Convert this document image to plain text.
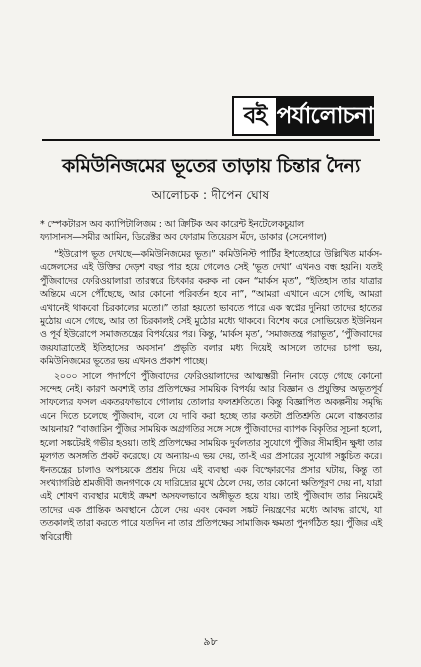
বই পর্যালোচনা
কমিউনিজমের ভূতের তাড়ায় চিন্তার দৈন্য
আলোচক : দীপেন ঘোষ

* স্পেকটারস অব ক্যাপিটালিজম : আ ক্রিটিক অব কারেন্ট ইনটেলেকচুয়াল

ফ্যাসানস—সমীর আমিন, ডিরেক্টর অব ফোরাম তিয়েরস মঁদে, ডাকার (সেনেগাল)

“ইউরোপ ভূত দেখছে—কমিউনিজমের ভূত।” কমিউনিস্ট পার্টির ইশতেহারে উল্লিখিত মার্কস-এঙ্গেলসের এই উক্তির দেড়শ বছর পার হয়ে গেলেও সেই ‘ভূত দেখা’ এখনও বন্ধ হয়নি। যতই পুঁজিবাদের ফেরিওয়ালারা তারস্বরে চিৎকার করুক না কেন “মার্কস মৃত”, “ইতিহাস তার যাত্রার অন্তিমে এসে পৌঁছেছে, আর কোনো পরিবর্তন হবে না”, “আমরা এখানে এসে গেছি, আমরা এখানেই থাকবো চিরকালের মতো।” তারা হয়তো ভাবতে পারে এক স্বপ্নের দুনিয়া তাদের হাতের মুঠোয় এসে গেছে, আর তা চিরকালই সেই মুঠোর মধ্যে থাকবে। বিশেষ করে সোভিয়েত ইউনিয়ন ও পূর্ব ইউরোপে সমাজতন্ত্রের বিপর্যয়ের পর। কিন্তু, ‘মার্কস মৃত’, ‘সমাজতন্ত্র পরাভূত’, ‘পুঁজিবাদের জয়যাত্রাতেই ইতিহাসের অবসান’ প্রভৃতি বলার মধ্য দিয়েই আসলে তাদের চাপা ভয়, কমিউনিজমের ভূতের ভয় এখনও প্রকাশ পাচ্ছে।

২০০০ সালে পদার্পণে পুঁজিবাদের ফেরিওয়ালাদের আত্মম্ভরী নিনাদ বেড়ে গেছে কোনো সন্দেহ নেই। কারণ অবশ্যই তার প্রতিপক্ষের সাময়িক বিপর্যয় আর বিজ্ঞান ও প্রযুক্তির অভূতপূর্ব সাফল্যের ফসল একতরফাভাবে গোলায় তোলার ফলশ্রুতিতে। কিন্তু বিজ্ঞাপিত অকল্পনীয় সমৃদ্ধি এনে দিতে চলেছে পুঁজিবাদ, বলে যে দাবি করা হচ্ছে তার কতটা প্রতিশ্রুতি মেলে বাস্তবতার আয়নায়? “বাজারিন পুঁজির সাময়িক অগ্রগতির সঙ্গে সঙ্গে পুঁজিবাদের ব্যাপক বিকৃতির সূচনা হলো, হলো সঙ্কটেরই গভীর হওয়া। তাই প্রতিপক্ষের সাময়িক দুর্বলতার সুযোগে পুঁজির সীমাহীন ক্ষুধা তার মূলগত অসঙ্গতি প্রকট করেছে। যে অন্যায়-এ ভয় দেয়, তা-ই এর প্রসারের সুযোগ সঙ্কুচিত করে। ধনতন্ত্রের চালাও অপচয়কে প্রশ্রয় দিয়ে এই ব্যবস্থা এক বিস্ফোরণের প্রসার ঘটায়, কিন্তু তা সংখ্যাগরিষ্ঠ শ্রমজীবী জনগণকে যে দারিদ্র্যের মুখে ঠেলে দেয়, তার কোনো ক্ষতিপূরণ দেয় না, যারা এই শোষণ ব্যবস্থার মধ্যেই ক্রমশ অসফলভাবে অঙ্গীভূত হয়ে যায়। তাই পুঁজিবাদ তার নিয়মেই তাদের এক প্রান্তিক অবস্থানে ঠেলে দেয় এবং কেবল সঙ্কট নিয়ন্ত্রণের মধ্যে আবদ্ধ রাখে, যা ততকালই তারা করতে পারে যতদিন না তার প্রতিপক্ষের সামাজিক ক্ষমতা পুনর্গঠিত হয়। পুঁজির এই স্ববিরোধী

৯৮
